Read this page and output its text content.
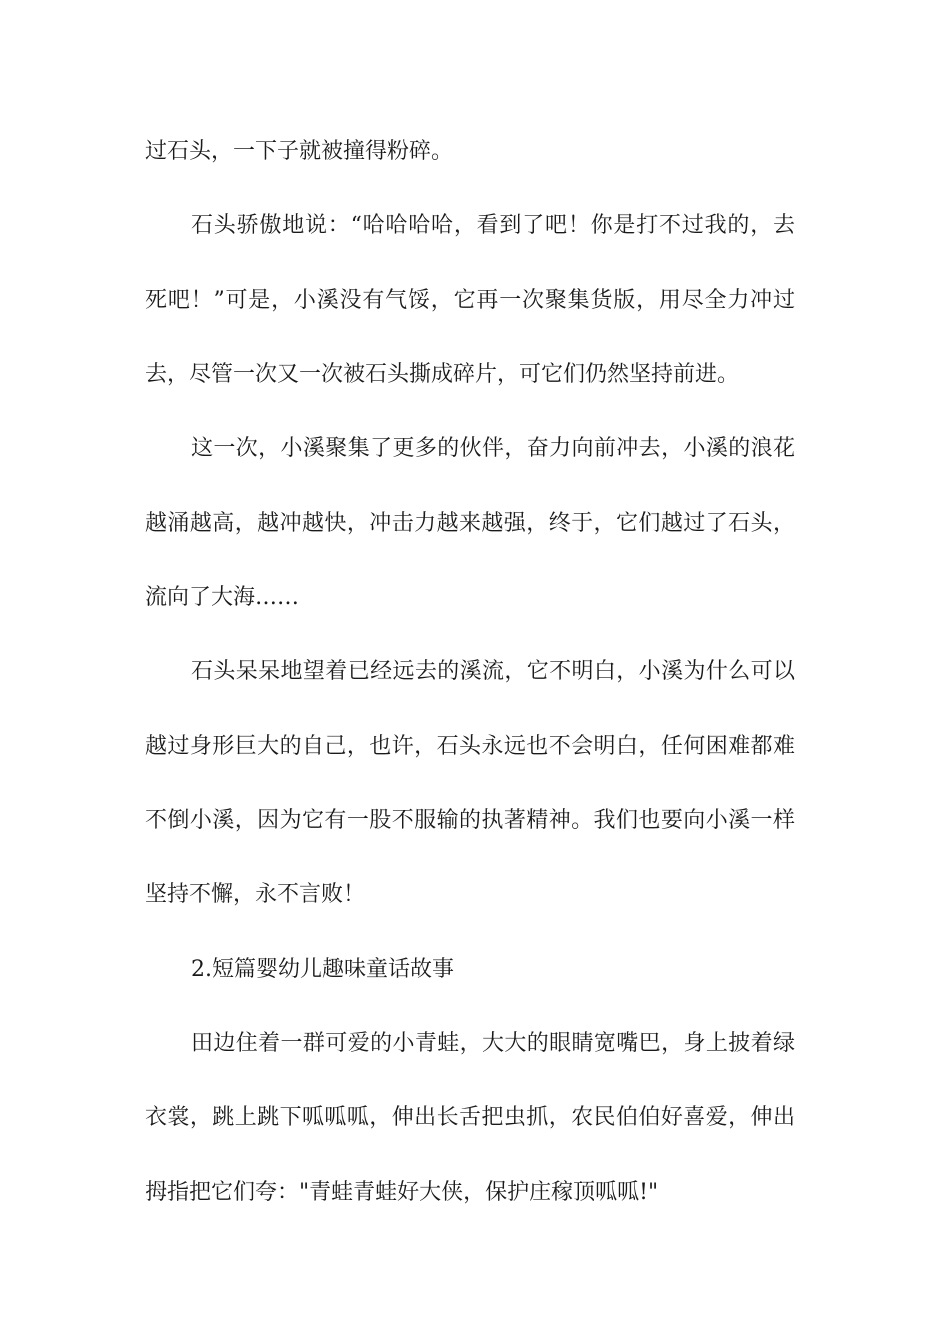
过石头，一下子就被撞得粉碎。
石头骄傲地说：“哈哈哈哈，看到了吧！你是打不过我的，去
死吧！”可是，小溪没有气馁，它再一次聚集货版，用尽全力冲过
去，尽管一次又一次被石头撕成碎片，可它们仍然坚持前进。
这一次，小溪聚集了更多的伙伴，奋力向前冲去，小溪的浪花
越涌越高，越冲越快，冲击力越来越强，终于，它们越过了石头，
流向了大海……
石头呆呆地望着已经远去的溪流，它不明白，小溪为什么可以
越过身形巨大的自己，也许，石头永远也不会明白，任何困难都难
不倒小溪，因为它有一股不服输的执著精神。我们也要向小溪一样
坚持不懈，永不言败！
2.短篇婴幼儿趣味童话故事
田边住着一群可爱的小青蛙，大大的眼睛宽嘴巴，身上披着绿
衣裳，跳上跳下呱呱呱，伸出长舌把虫抓，农民伯伯好喜爱，伸出
拇指把它们夸："青蛙青蛙好大侠，保护庄稼顶呱呱!"
